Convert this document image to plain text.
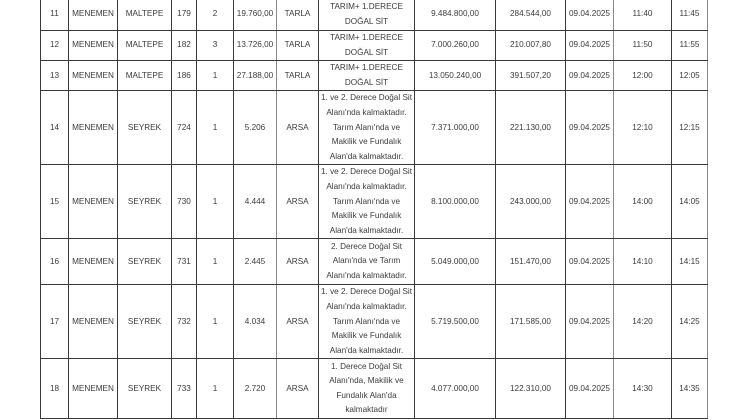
11	MENEMEN	MALTEPE	179	2	19.760,00	TARLA	TARIM+ 1.DERECE DOĞAL SİT	9.484.800,00	284.544,00	09.04.2025	11:40	11:45
12	MENEMEN	MALTEPE	182	3	13.726,00	TARLA	TARIM+ 1.DERECE DOĞAL SİT	7.000.260,00	210.007,80	09.04.2025	11:50	11:55
13	MENEMEN	MALTEPE	186	1	27.188,00	TARLA	TARIM+ 1.DERECE DOĞAL SİT	13.050.240,00	391.507,20	09.04.2025	12:00	12:05
14	MENEMEN	SEYREK	724	1	5.206	ARSA	1. ve 2. Derece Doğal Sit Alanı'nda kalmaktadır. Tarım Alanı'nda ve Makilik ve Fundalık Alan'da kalmaktadır.	7.371.000,00	221.130,00	09.04.2025	12:10	12:15
15	MENEMEN	SEYREK	730	1	4.444	ARSA	1. ve 2. Derece Doğal Sit Alanı'nda kalmaktadır. Tarım Alanı'nda ve Makilik ve Fundalık Alan'da kalmaktadır.	8.100.000,00	243.000,00	09.04.2025	14:00	14:05
16	MENEMEN	SEYREK	731	1	2.445	ARSA	2. Derece Doğal Sit Alanı'nda ve Tarım Alanı'nda kalmaktadır.	5.049.000,00	151.470,00	09.04.2025	14:10	14:15
17	MENEMEN	SEYREK	732	1	4.034	ARSA	1. ve 2. Derece Doğal Sit Alanı'nda kalmaktadır. Tarım Alanı'nda ve Makilik ve Fundalık Alan'da kalmaktadır.	5.719.500,00	171.585,00	09.04.2025	14:20	14:25
18	MENEMEN	SEYREK	733	1	2.720	ARSA	1. Derece Doğal Sit Alanı'nda, Makilik ve Fundalık Alan'da kalmaktadır	4.077.000,00	122.310,00	09.04.2025	14:30	14:35
